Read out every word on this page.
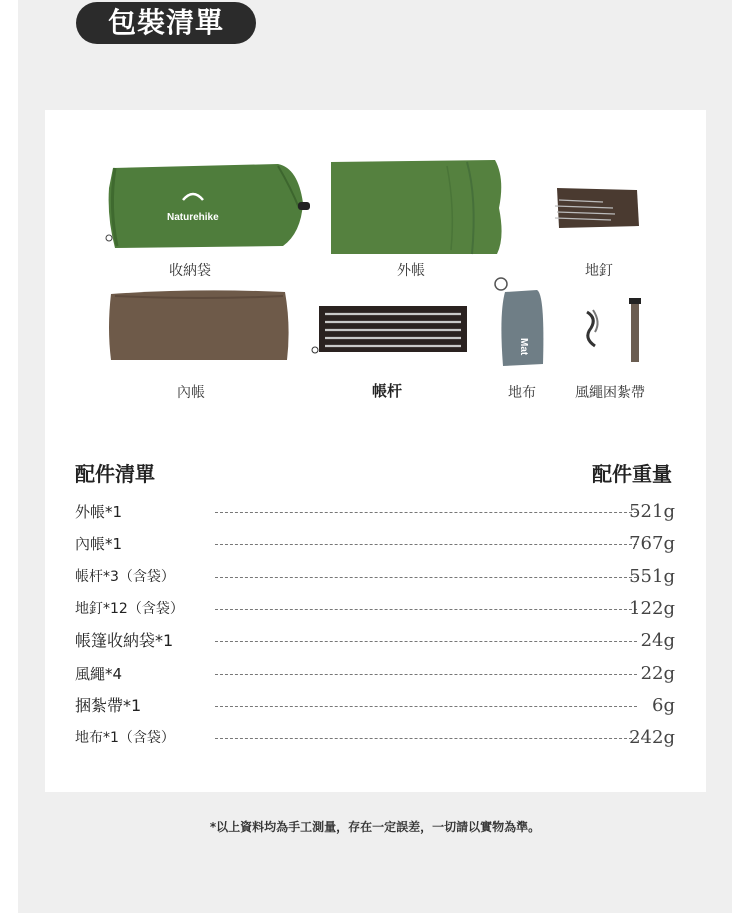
包裝清單
Naturehike
收納袋	外帳	地釘
內帳	帳杆
Mat
地布	風繩困紮帶
配件清單	配件重量
外帳*1	521g
內帳*1	767g
帳杆*3（含袋）	551g
地釘*12（含袋）	122g
帳篷收納袋*1	24g
風繩*4	22g
捆紮帶*1	6g
地布*1（含袋）	242g
*以上資料均為手工測量，存在一定誤差，一切請以實物為準。
